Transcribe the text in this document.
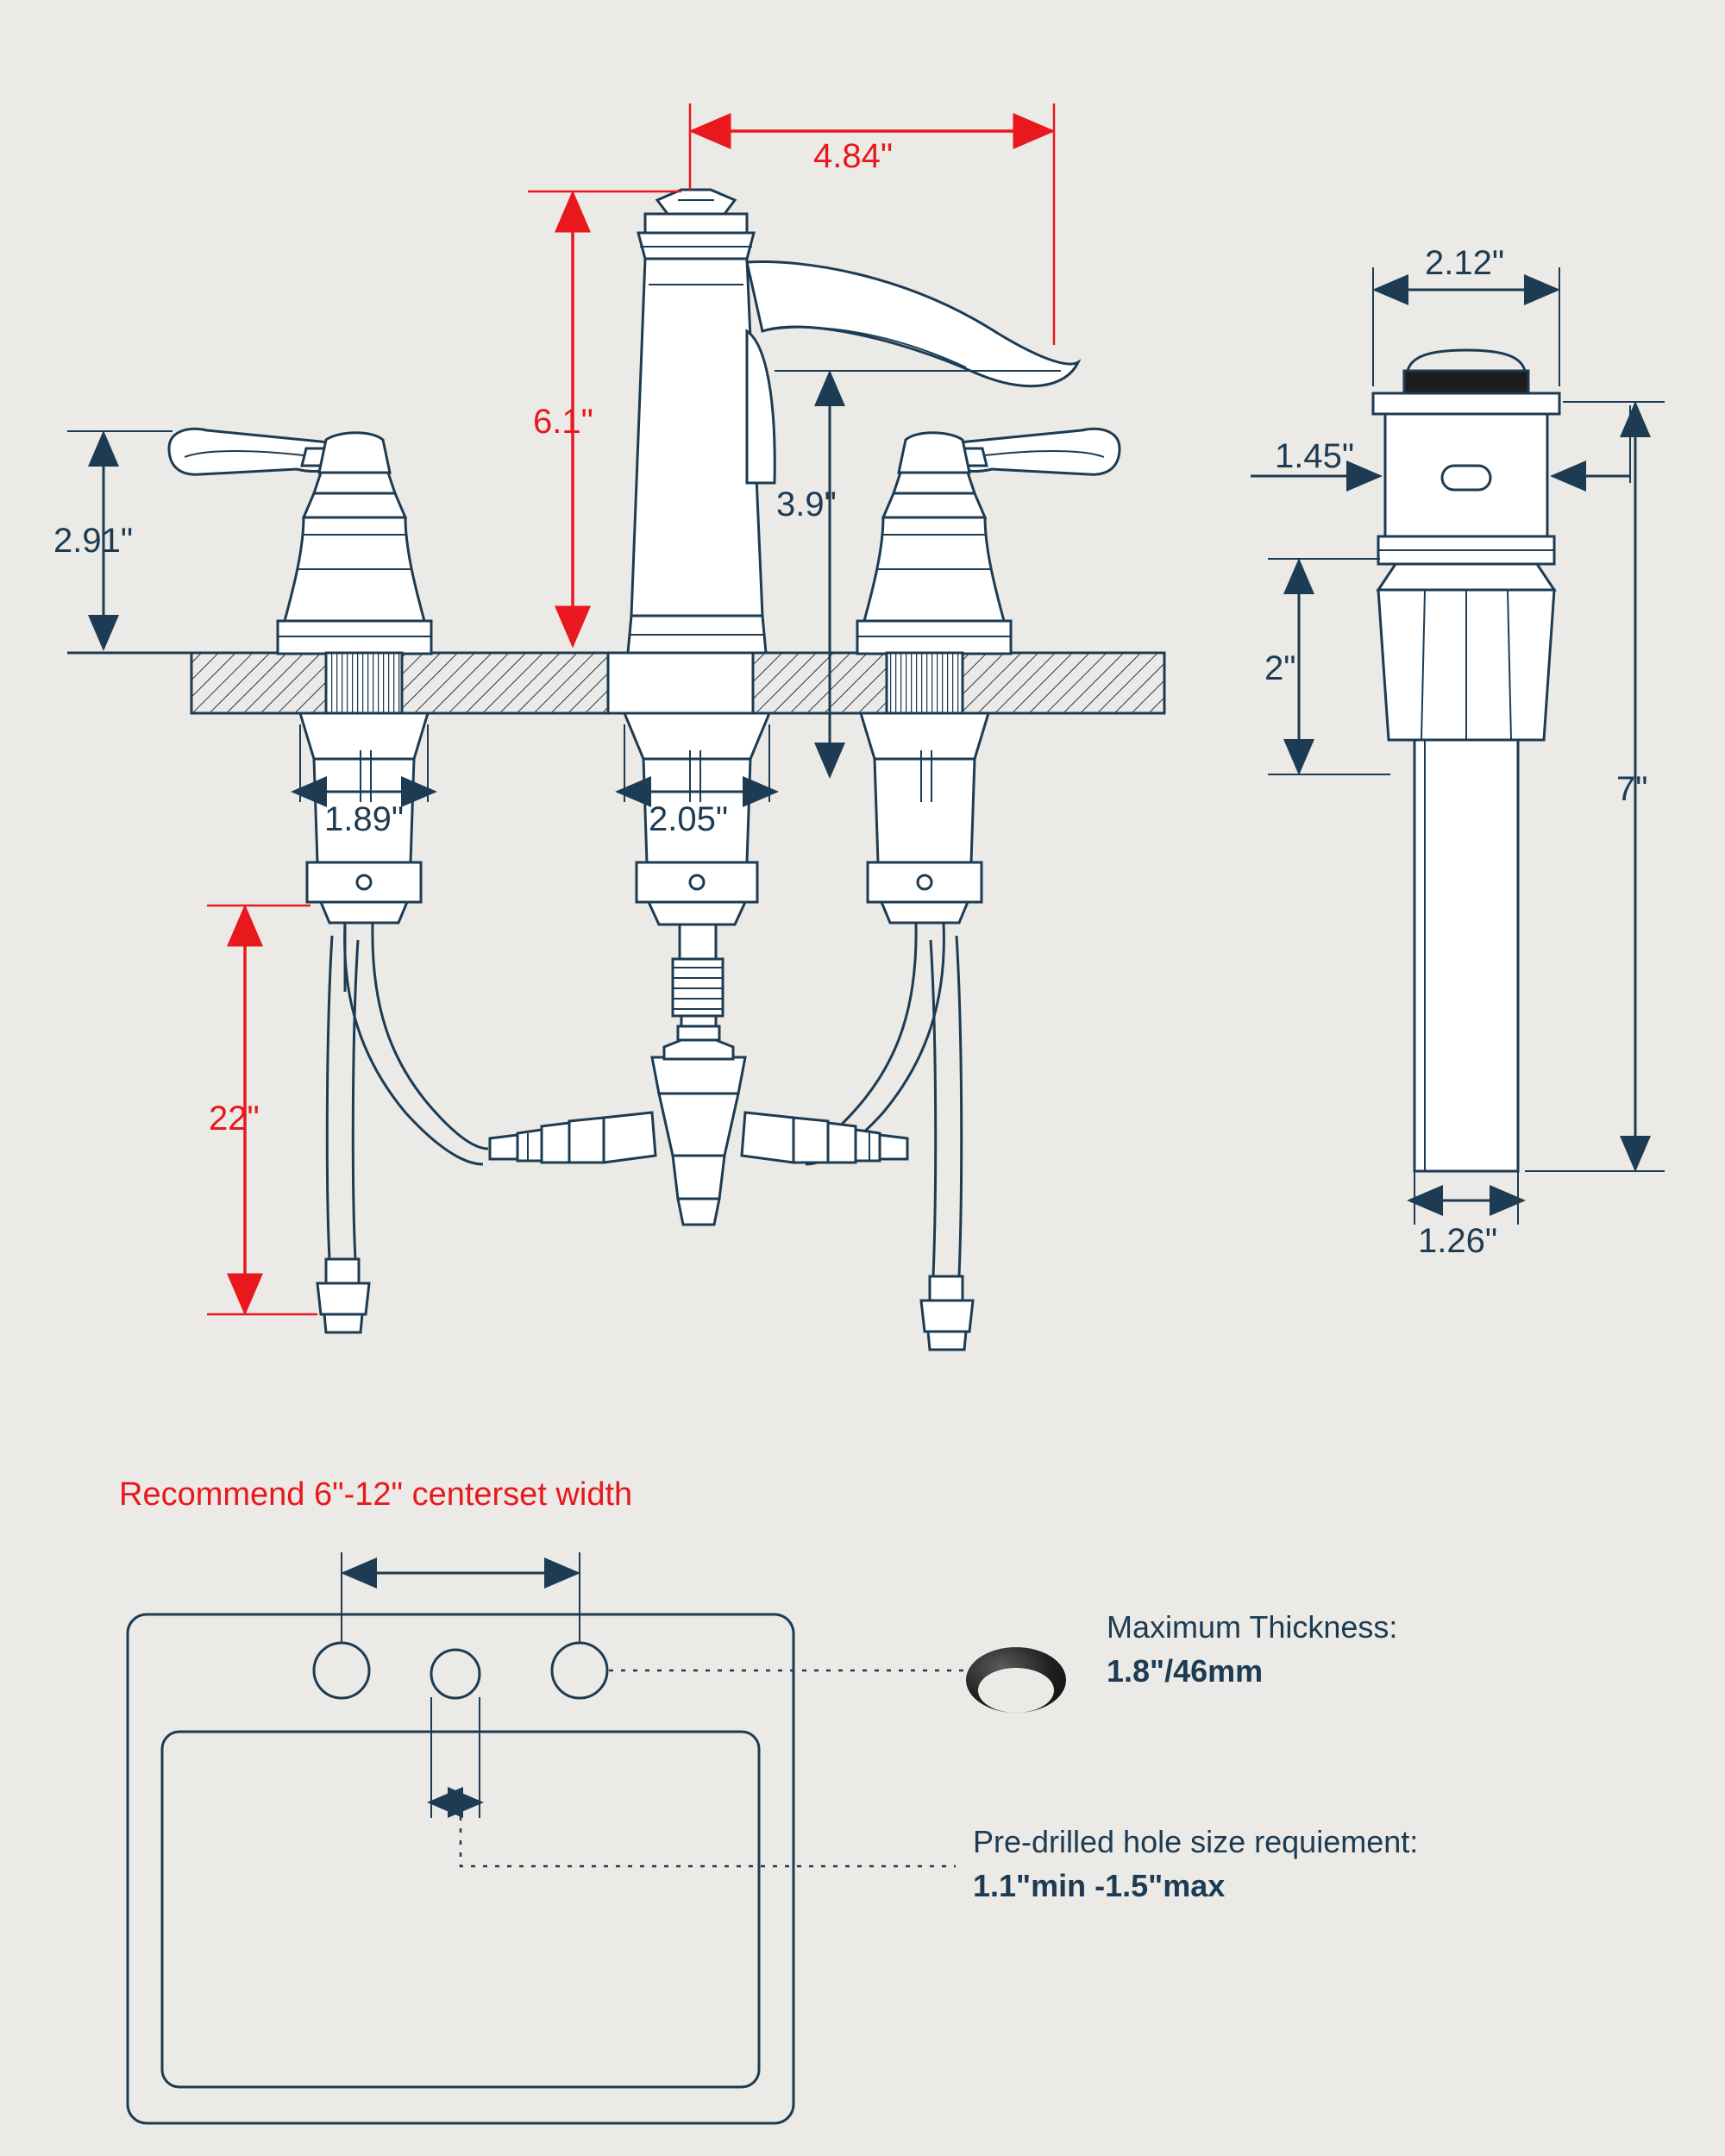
4.84"
6.1"
3.9"
2.91"
1.89"	2.05"
22"
2.12"
1.45"
2"
7"
1.26"
Recommend 6"-12" centerset width
Maximum Thickness:
1.8"/46mm
Pre-drilled hole size requiement:
1.1"min -1.5"max
